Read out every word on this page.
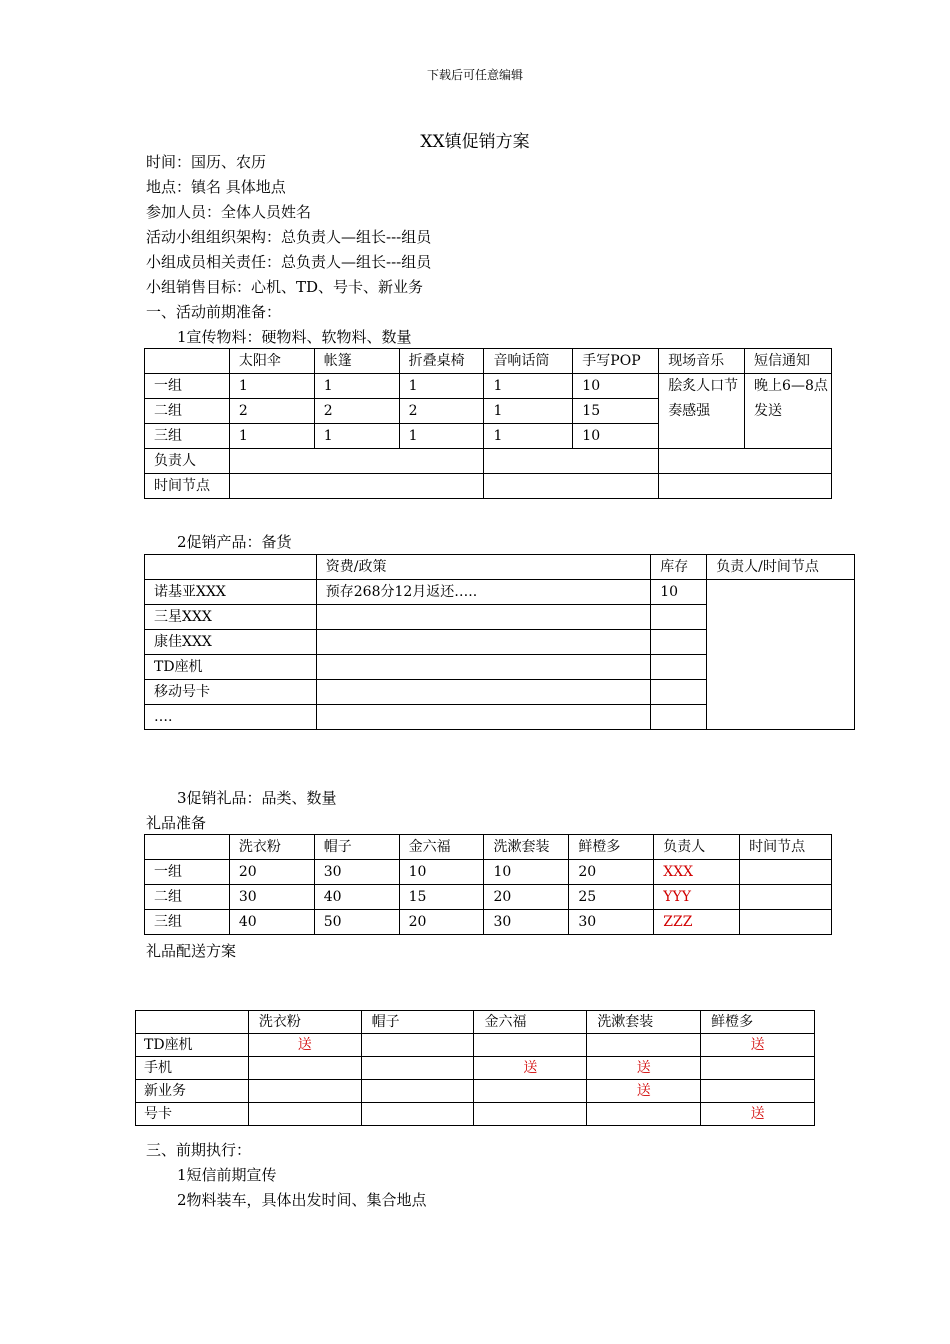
下载后可任意编辑
XX镇促销方案
时间：国历、农历
地点：镇名 具体地点
参加人员：全体人员姓名
活动小组组织架构：总负责人—组长---组员
小组成员相关责任：总负责人—组长---组员
小组销售目标：心机、TD、号卡、新业务
一、活动前期准备：
1宣传物料：硬物料、软物料、数量
	太阳伞	帐篷	折叠桌椅	音响话筒	手写POP	现场音乐	短信通知
一组	1	1	1	1	10	脍炙人口节奏感强	晚上6—8点发送
二组	2	2	2	1	15		
三组	1	1	1	1	10		
负责人							
时间节点							
2促销产品：备货
	资费/政策	库存	负责人/时间节点
诺基亚XXX	预存268分12月返还…..	10	
三星XXX			
康佳XXX			
TD座机			
移动号卡			
….			
3促销礼品：品类、数量
礼品准备
	洗衣粉	帽子	金六福	洗漱套装	鲜橙多	负责人	时间节点
一组	20	30	10	10	20	XXX	
二组	30	40	15	20	25	YYY	
三组	40	50	20	30	30	ZZZ	
礼品配送方案
	洗衣粉	帽子	金六福	洗漱套装	鲜橙多
TD座机	送				送
手机			送	送	
新业务				送	
号卡					送
三、前期执行：
1短信前期宣传
2物料装车，具体出发时间、集合地点
